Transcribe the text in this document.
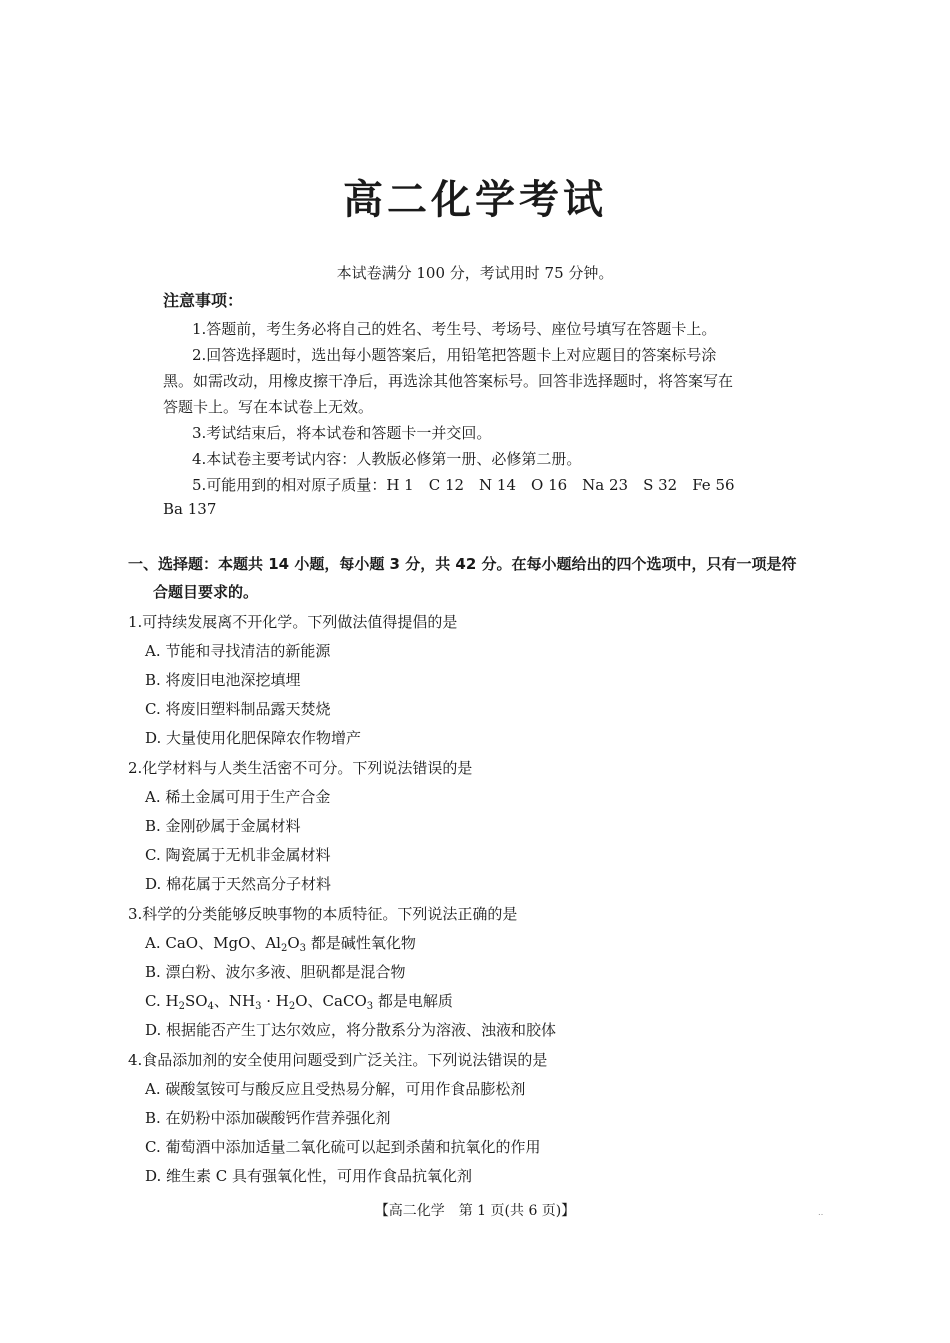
高二化学考试
本试卷满分 100 分，考试用时 75 分钟。
注意事项：
1.答题前，考生务必将自己的姓名、考生号、考场号、座位号填写在答题卡上。
2.回答选择题时，选出每小题答案后，用铅笔把答题卡上对应题目的答案标号涂
黑。如需改动，用橡皮擦干净后，再选涂其他答案标号。回答非选择题时，将答案写在
答题卡上。写在本试卷上无效。
3.考试结束后，将本试卷和答题卡一并交回。
4.本试卷主要考试内容：人教版必修第一册、必修第二册。
5.可能用到的相对原子质量：H 1　C 12　N 14　O 16　Na 23　S 32　Fe 56
Ba 137
一、选择题：本题共 14 小题，每小题 3 分，共 42 分。在每小题给出的四个选项中，只有一项是符
合题目要求的。
1.可持续发展离不开化学。下列做法值得提倡的是
A. 节能和寻找清洁的新能源
B. 将废旧电池深挖填埋
C. 将废旧塑料制品露天焚烧
D. 大量使用化肥保障农作物增产
2.化学材料与人类生活密不可分。下列说法错误的是
A. 稀土金属可用于生产合金
B. 金刚砂属于金属材料
C. 陶瓷属于无机非金属材料
D. 棉花属于天然高分子材料
3.科学的分类能够反映事物的本质特征。下列说法正确的是
A. CaO、MgO、$Al_2O_3$ 都是碱性氧化物
B. 漂白粉、波尔多液、胆矾都是混合物
C. $H_2SO_4$、$NH_3 \cdot H_2O$、CaCO$_3$ 都是电解质
D. 根据能否产生丁达尔效应，将分散系分为溶液、浊液和胶体
4.食品添加剂的安全使用问题受到广泛关注。下列说法错误的是
A. 碳酸氢铵可与酸反应且受热易分解，可用作食品膨松剂
B. 在奶粉中添加碳酸钙作营养强化剂
C. 葡萄酒中添加适量二氧化硫可以起到杀菌和抗氧化的作用
D. 维生素 C 具有强氧化性，可用作食品抗氧化剂
【高二化学　第 1 页(共 6 页)】	‥
